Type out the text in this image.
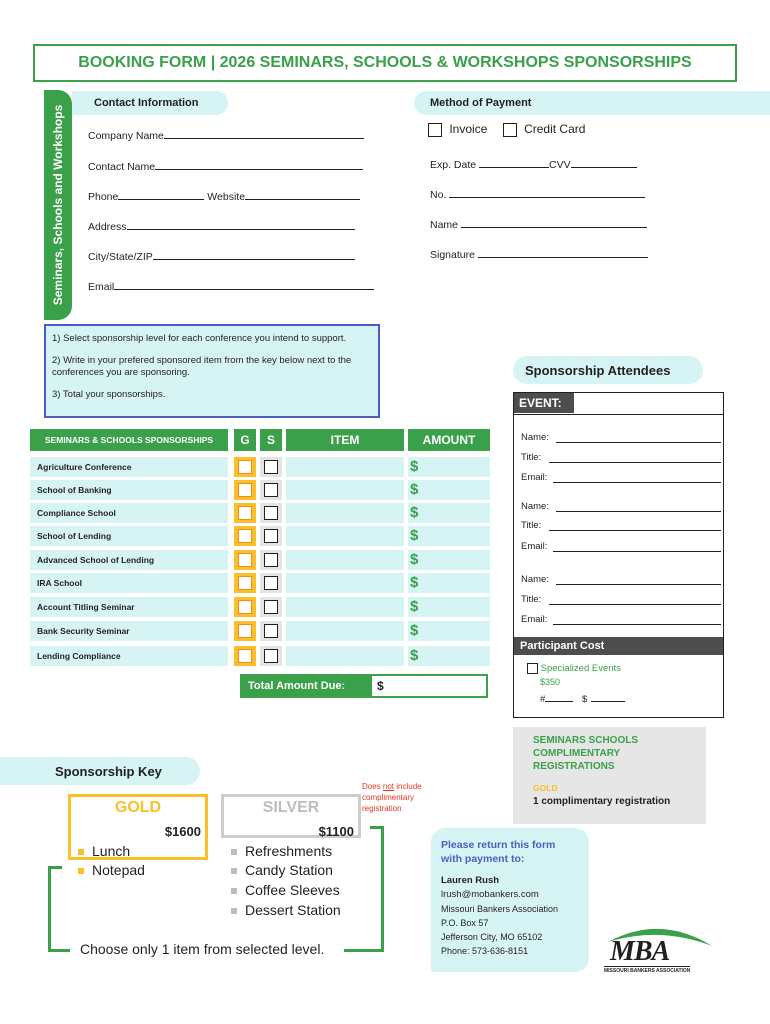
BOOKING FORM | 2026 SEMINARS, SCHOOLS & WORKSHOPS SPONSORSHIPS
Seminars, Schools and Workshops
Contact Information
Company Name
Contact Name
Phone	Website
Address
City/State/ZIP
Email
Method of Payment
Invoice	Credit Card
Exp. Date	CVV
No.
Name
Signature

1) Select sponsorship level for each conference you intend to support.

2) Write in your prefered sponsored item from the key below next to the conferences you are sponsoring.

3) Total your sponsorships.

SEMINARS & SCHOOLS SPONSORSHIPS	G	S	ITEM	AMOUNT
Agriculture Conference	$
School of Banking	$
Compliance School	$
School of Lending	$
Advanced School of Lending	$
IRA School	$
Account Titling Seminar	$
Bank Security Seminar	$
Lending Compliance	$
Total Amount Due:	$
Sponsorship Attendees
EVENT:
Name:
Title:
Email:
Name:
Title:
Email:
Name:
Title:
Email:
Participant Cost
Specialized Events
$350
#	$
SEMINARS SCHOOLS COMPLIMENTARY REGISTRATIONS
GOLD
1 complimentary registration
Sponsorship Key
GOLD
$1600
Lunch
Notepad
SILVER
$1100
Refreshments
Candy Station
Coffee Sleeves
Dessert Station
Choose only 1 item from selected level.
Does not include complimentary registration
Please return this form with payment to:
Lauren Rush
lrush@mobankers.com
Missouri Bankers Association
P.O. Box 57
Jefferson City, MO 65102
Phone: 573-636-8151	MBA
MISSOURI BANKERS ASSOCIATION
